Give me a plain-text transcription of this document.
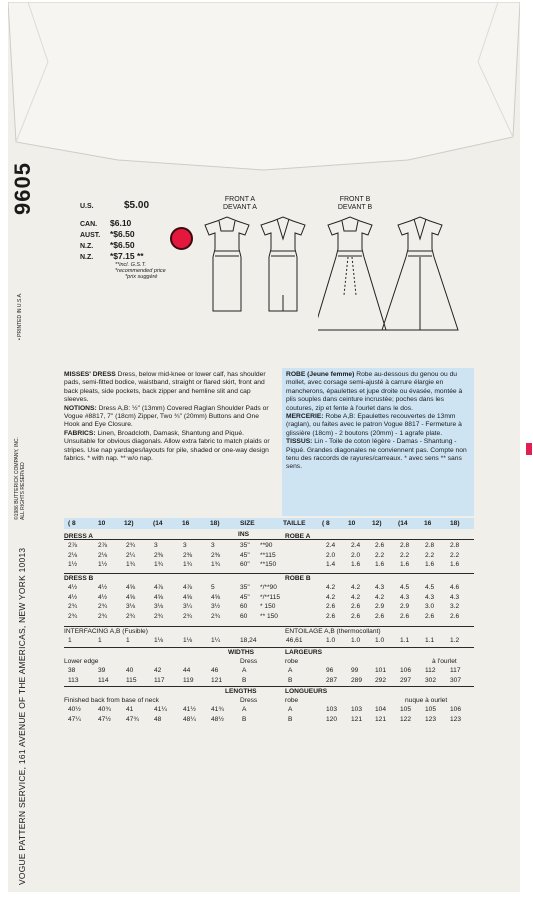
9605
VOGUE PATTERN SERVICE, 161 AVENUE OF THE AMERICAS, NEW YORK 10013
©1986 BUTTERICK COMPANY, INC. ALL RIGHTS RESERVED
• PRINTED IN U.S.A.
U.S.	$5.00
CAN. $6.10
AUST. *$6.50
N.Z. *$6.50
N.Z. *$7.15 **
**incl. G.S.T.
*recommended price
*prix suggéré
FRONT A
DEVANT A
FRONT B
DEVANT B
MISSES' DRESS Dress, below mid-knee or lower calf, has shoulder pads, semi-fitted bodice, waistband, straight or flared skirt, front and back pleats, side pockets, back zipper and hemline slit and cap sleeves.
NOTIONS: Dress A,B: ½" (13mm) Covered Raglan Shoulder Pads or Vogue #8817, 7" (18cm) Zipper, Two ¾" (20mm) Buttons and One Hook and Eye Closure.
FABRICS: Linen, Broadcloth, Damask, Shantung and Piqué. Unsuitable for obvious diagonals. Allow extra fabric to match plaids or stripes. Use nap yardages/layouts for pile, shaded or one-way design fabrics. * with nap. ** w/o nap.
ROBE (Jeune femme) Robe au-dessous du genou ou du mollet, avec corsage semi-ajusté à carrure élargie en mancherons, épaulettes et jupe droite ou évasée, montée à plis souples dans ceinture incrustée; poches dans les coutures, zip et fente à l'ourlet dans le dos.
MERCERIE: Robe A,B: Epaulettes recouvertes de 13mm (raglan), ou faites avec le patron Vogue 8817 - Fermeture à glissière (18cm) - 2 boutons (20mm) - 1 agrafe plate.
TISSUS: Lin - Toile de coton légère - Damas - Shantung - Piqué. Grandes diagonales ne conviennent pas. Compte non tenu des raccords de rayures/carreaux. * avec sens ** sans sens.
( 8	10	12)	(14	16	18)	SIZE	TAILLE ( 8	10	12) (14 16	18)
INS
DRESS A	ROBE A
2⅞	2⅞	2¾	3	3	3	35" **90	2.4 2.4 2.6 2.8 2.8 2.8
2⅛	2⅛	2¼	2⅜	2⅜	2⅜	45" **115	2.0 2.0 2.2 2.2 2.2 2.2
1½	1½	1¾	1¾	1¾	1¾	60" **150	1.4 1.6 1.6 1.6 1.6 1.6
DRESS B	ROBE B
4½	4½	4⅝	4⅞	4⅞	5	35" */**90	4.2 4.2 4.3 4.5 4.5 4.6
4½	4½	4⅝	4⅝	4⅝	4⅝	45" */**115	4.2 4.2 4.2 4.3 4.3 4.3
2¾	2¾	3⅛	3⅛	3¼	3½	60 * 150	2.6 2.6 2.9 2.9 3.0 3.2
2¾	2¾	2¾	2¾	2¾	2¾	60 ** 150	2.6 2.6 2.6 2.6 2.6 2.6
INTERFACING A,B (Fusible)	ENTOILAGE A,B (thermocollant)
1	1	1	1⅛	1⅛	1¼	18,24	1.0 1.0 1.0 1.1 1.1 1.2
46,61
WIDTHS	LARGEURS
Dress	robe
Lower edge	à l'ourlet
38	39	40	42	44	46	A	A	96	99	101 106 112 117
113	114	115	117	119	121	B	B	287 289 292 297 302 307
LENGTHS	LONGUEURS
Dress	robe
Finished back from base of neck	nuque à ourlet
40½	40¾ 41	41¼ 41½ 41¾	A	A	103 103 104 105 105 106
47¼	47½ 47¾ 48	48¼ 48½	B	B	120 121 121 122 123 123
